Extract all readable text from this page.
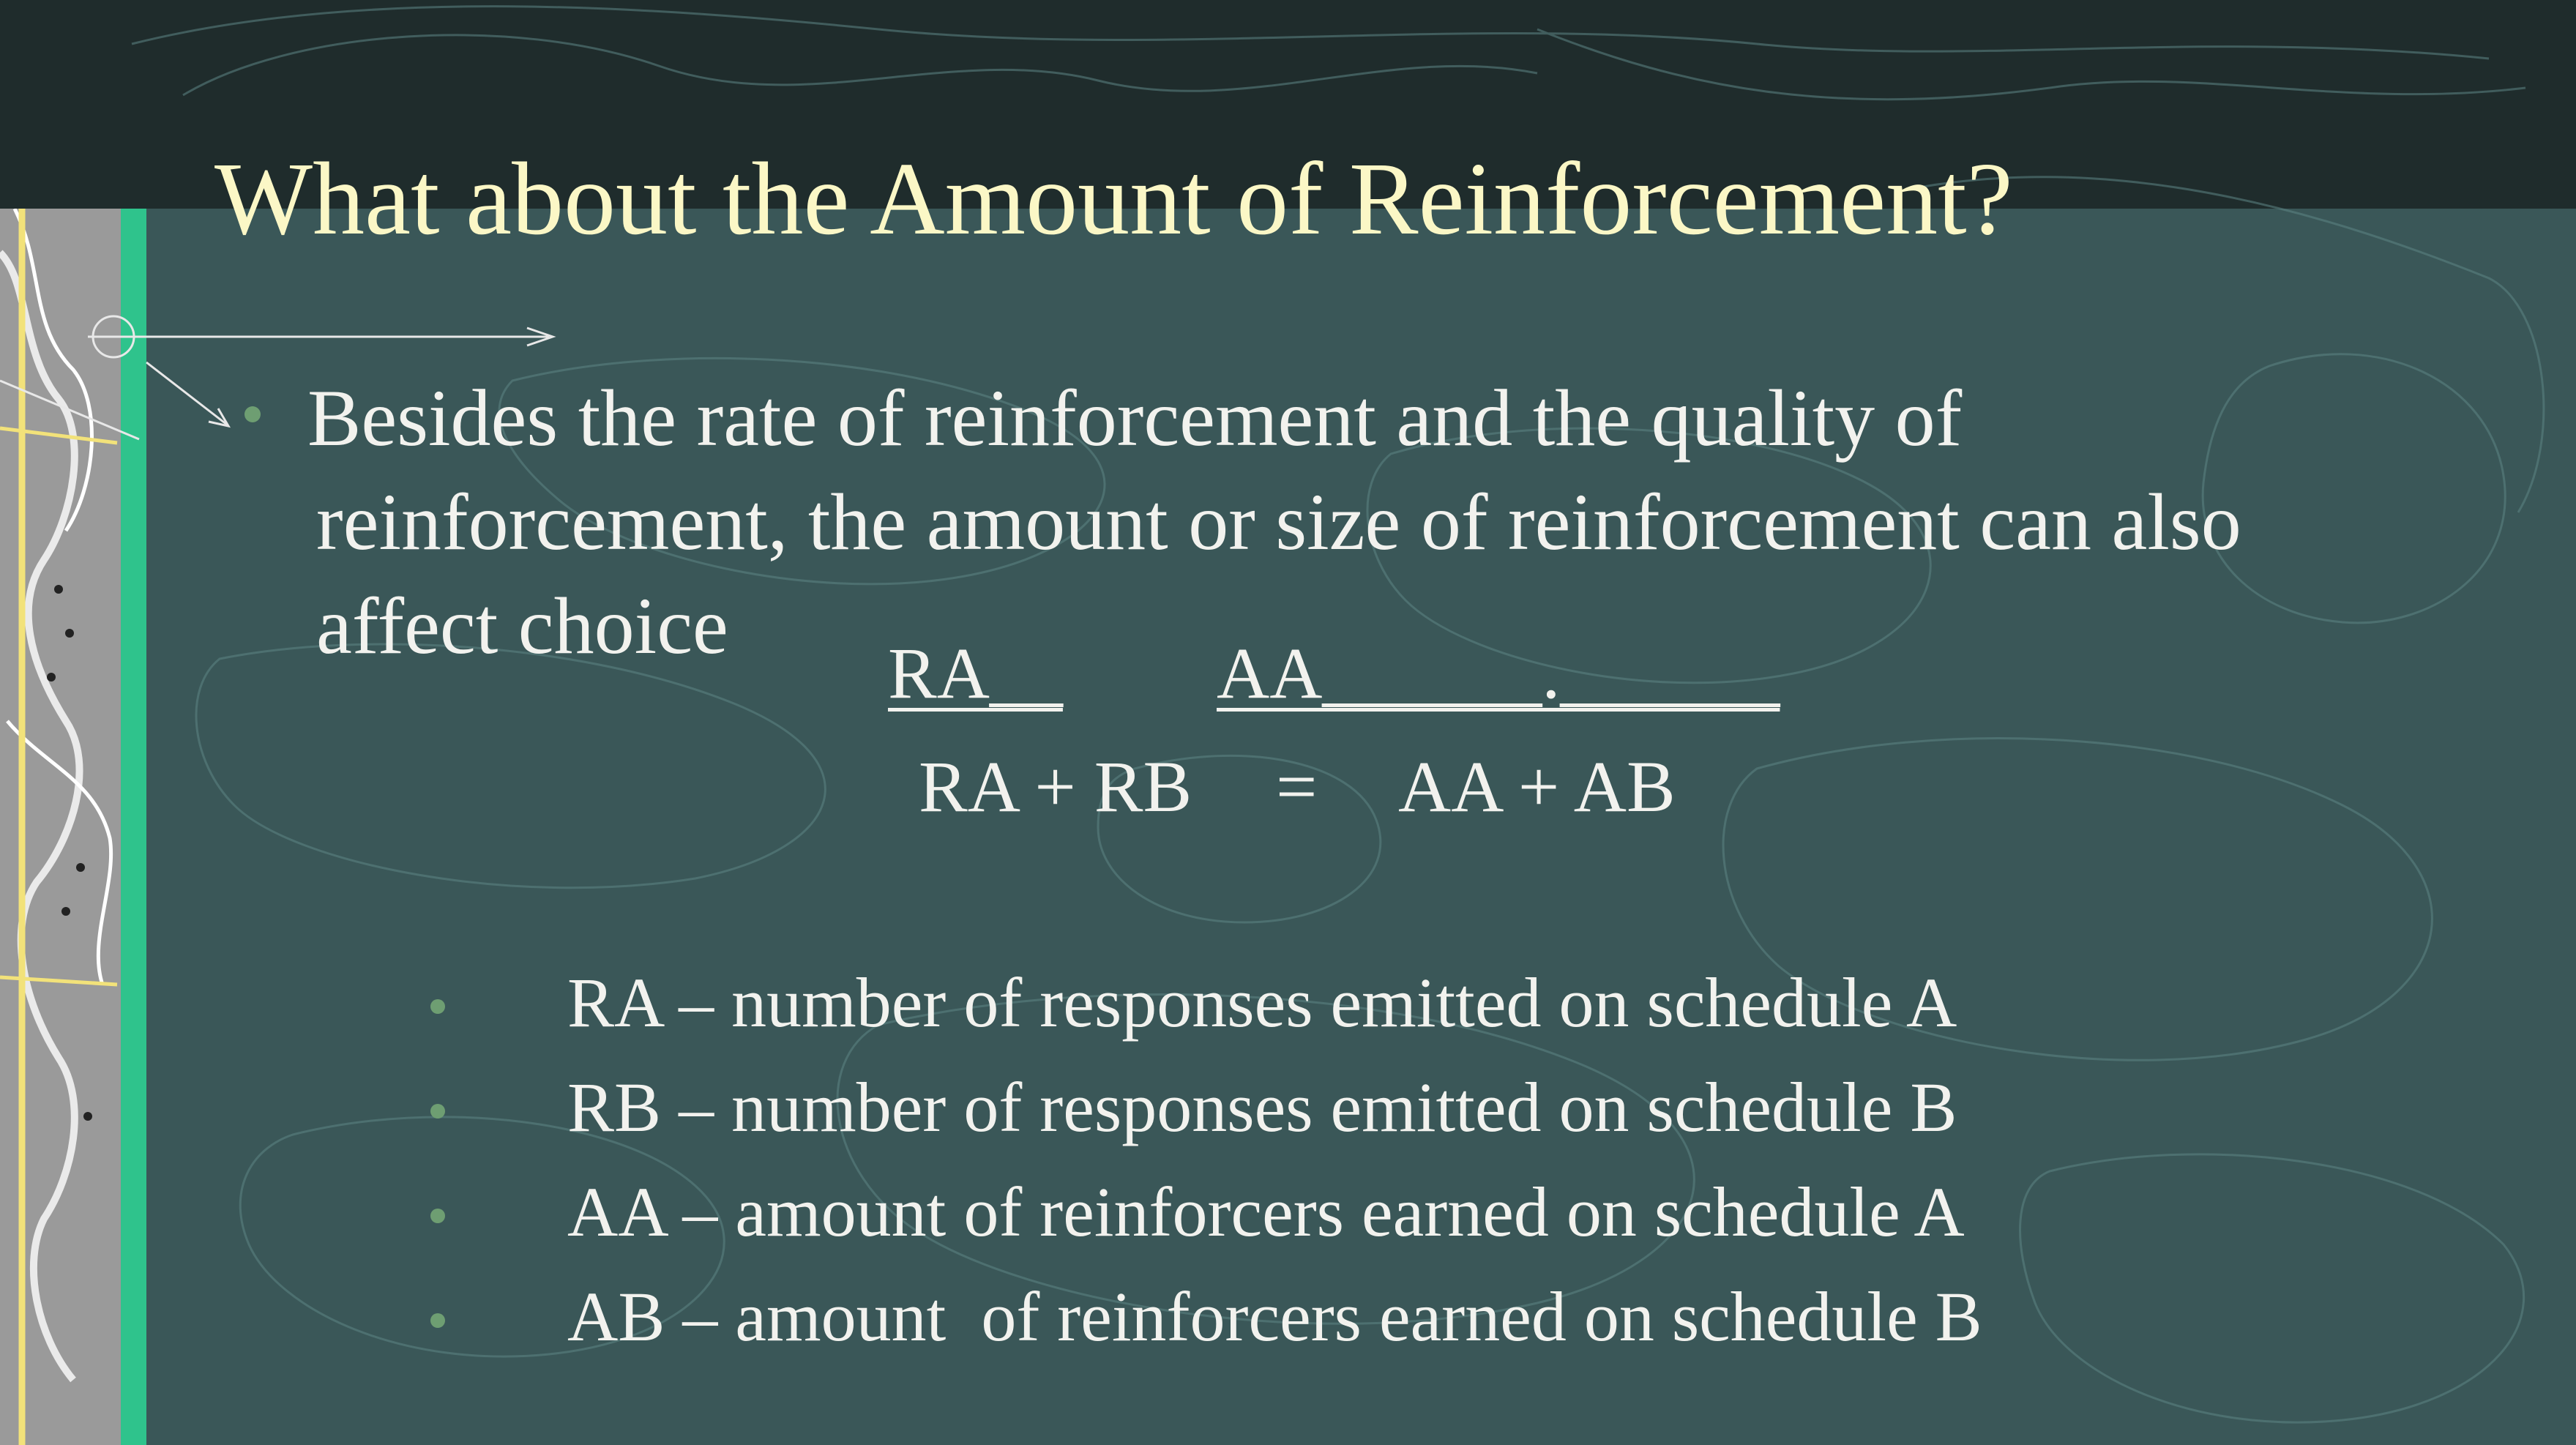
What about the Amount of Reinforcement?
Besides the rate of reinforcement and the quality of
reinforcement, the amount or size of reinforcement can also
affect choice
RA__ AA______.______
RA + RB = AA + AB
RA – number of responses emitted on schedule A
RB – number of responses emitted on schedule B
AA – amount of reinforcers earned on schedule A
AB – amount  of reinforcers earned on schedule B
